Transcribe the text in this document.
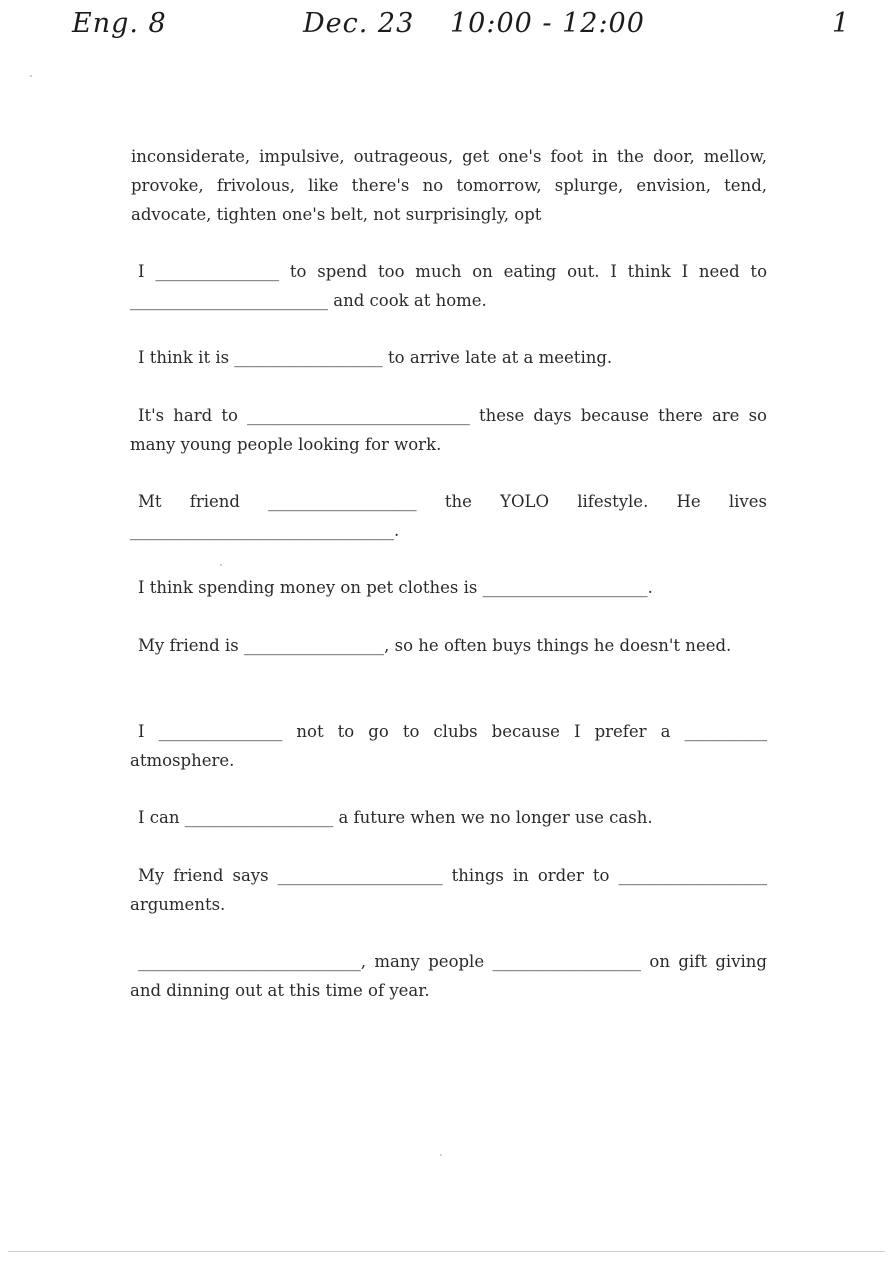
Eng. 8	Dec. 23 10:00 - 12:00	1

inconsiderate, impulsive, outrageous, get one's foot in the door, mellow, provoke, frivolous, like there's no tomorrow, splurge, envision, tend, advocate, tighten one's belt, not surprisingly, opt

I _______________ to spend too much on eating out. I think I need to ________________________ and cook at home.

I think it is __________________ to arrive late at a meeting.

It's hard to ___________________________ these days because there are so many young people looking for work.

Mt friend __________________ the YOLO lifestyle. He lives ________________________________.

I think spending money on pet clothes is ____________________.

My friend is _________________, so he often buys things he doesn't need.

I _______________ not to go to clubs because I prefer a __________ atmosphere.

I can __________________ a future when we no longer use cash.

My friend says ____________________ things in order to __________________ arguments.

___________________________, many people __________________ on gift giving and dinning out at this time of year.
